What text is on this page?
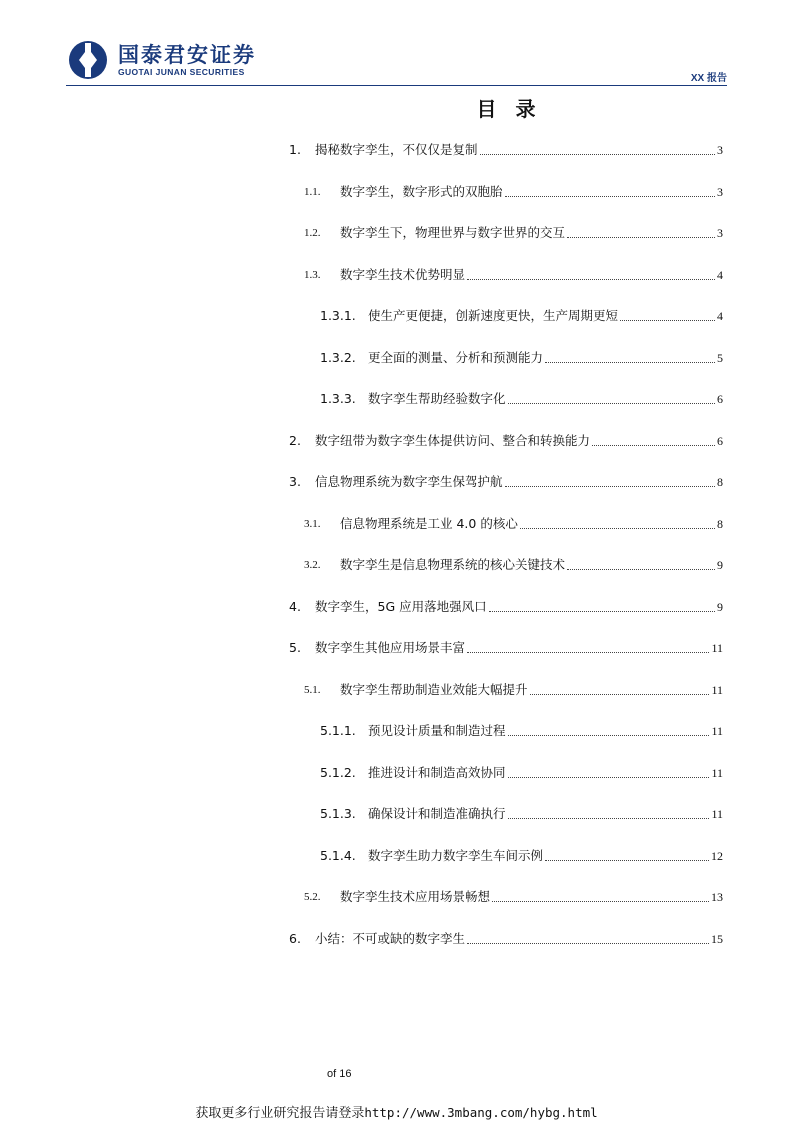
国泰君安证券
GUOTAI JUNAN SECURITIES
XX 报告
目 录
1.	揭秘数字孪生，不仅仅是复制	3
1.1.	数字孪生，数字形式的双胞胎	3
1.2.	数字孪生下，物理世界与数字世界的交互	3
1.3.	数字孪生技术优势明显	4
1.3.1. 使生产更便捷，创新速度更快，生产周期更短	4
1.3.2. 更全面的测量、分析和预测能力	5
1.3.3. 数字孪生帮助经验数字化	6
2.	数字纽带为数字孪生体提供访问、整合和转换能力	6
3.	信息物理系统为数字孪生保驾护航	8
3.1.	信息物理系统是工业 4.0 的核心	8
3.2.	数字孪生是信息物理系统的核心关键技术	9
4.	数字孪生，5G 应用落地强风口	9
5.	数字孪生其他应用场景丰富	11
5.1.	数字孪生帮助制造业效能大幅提升	11
5.1.1. 预见设计质量和制造过程	11
5.1.2. 推进设计和制造高效协同	11
5.1.3. 确保设计和制造准确执行	11
5.1.4. 数字孪生助力数字孪生车间示例	12
5.2.	数字孪生技术应用场景畅想	13
6.	小结：不可或缺的数字孪生	15
of 16
获取更多行业研究报告请登录http://www.3mbang.com/hybg.html
